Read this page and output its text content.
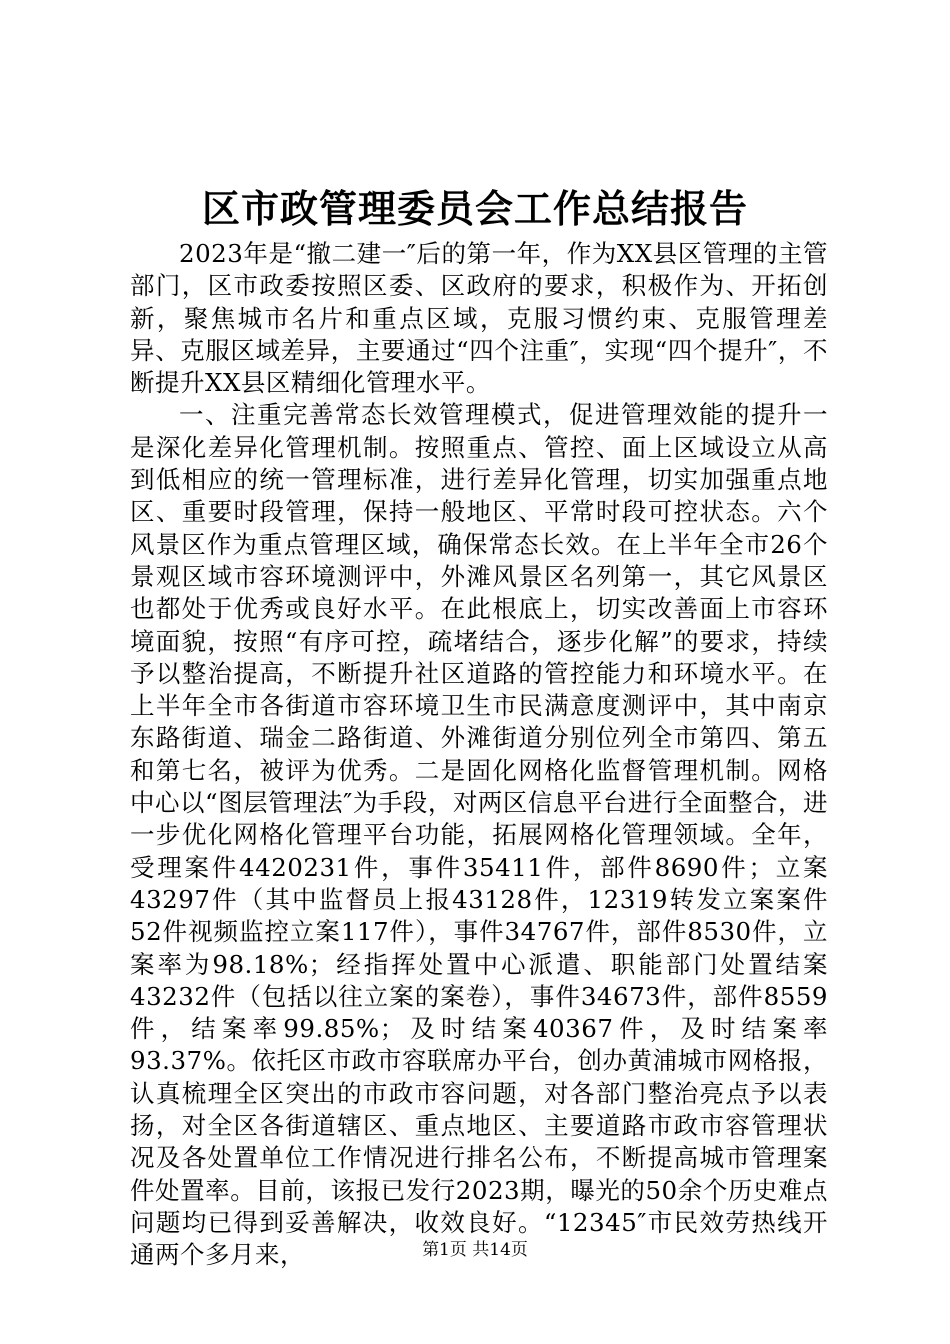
区市政管理委员会工作总结报告

2023年是“撤二建一″后的第一年，作为XX县区管理的主管部门，区市政委按照区委、区政府的要求，积极作为、开拓创新，聚焦城市名片和重点区域，克服习惯约束、克服管理差异、克服区域差异，主要通过“四个注重″，实现“四个提升″，不断提升XX县区精细化管理水平。

一、注重完善常态长效管理模式，促进管理效能的提升一是深化差异化管理机制。按照重点、管控、面上区域设立从高到低相应的统一管理标准，进行差异化管理，切实加强重点地区、重要时段管理，保持一般地区、平常时段可控状态。六个风景区作为重点管理区域，确保常态长效。在上半年全市26个景观区域市容环境测评中，外滩风景区名列第一，其它风景区也都处于优秀或良好水平。在此根底上，切实改善面上市容环境面貌，按照“有序可控，疏堵结合，逐步化解”的要求，持续予以整治提高，不断提升社区道路的管控能力和环境水平。在上半年全市各街道市容环境卫生市民满意度测评中，其中南京东路街道、瑞金二路街道、外滩街道分别位列全市第四、第五和第七名，被评为优秀。二是固化网格化监督管理机制。网格中心以“图层管理法″为手段，对两区信息平台进行全面整合，进一步优化网格化管理平台功能，拓展网格化管理领域。全年，受理案件4420231件，事件35411件，部件8690件；立案43297件（其中监督员上报43128件，12319转发立案案件52件视频监控立案117件），事件34767件，部件8530件，立案率为98.18%；经指挥处置中心派遣、职能部门处置结案43232件（包括以往立案的案卷），事件34673件，部件8559件，结案率99.85%；及时结案40367件，及时结案率93.37%。依托区市政市容联席办平台，创办黄浦城市网格报，认真梳理全区突出的市政市容问题，对各部门整治亮点予以表扬，对全区各街道辖区、重点地区、主要道路市政市容管理状况及各处置单位工作情况进行排名公布，不断提高城市管理案件处置率。目前，该报已发行2023期，曝光的50余个历史难点问题均已得到妥善解决，收效良好。“12345″市民效劳热线开通两个多月来，	第1页 共14页
